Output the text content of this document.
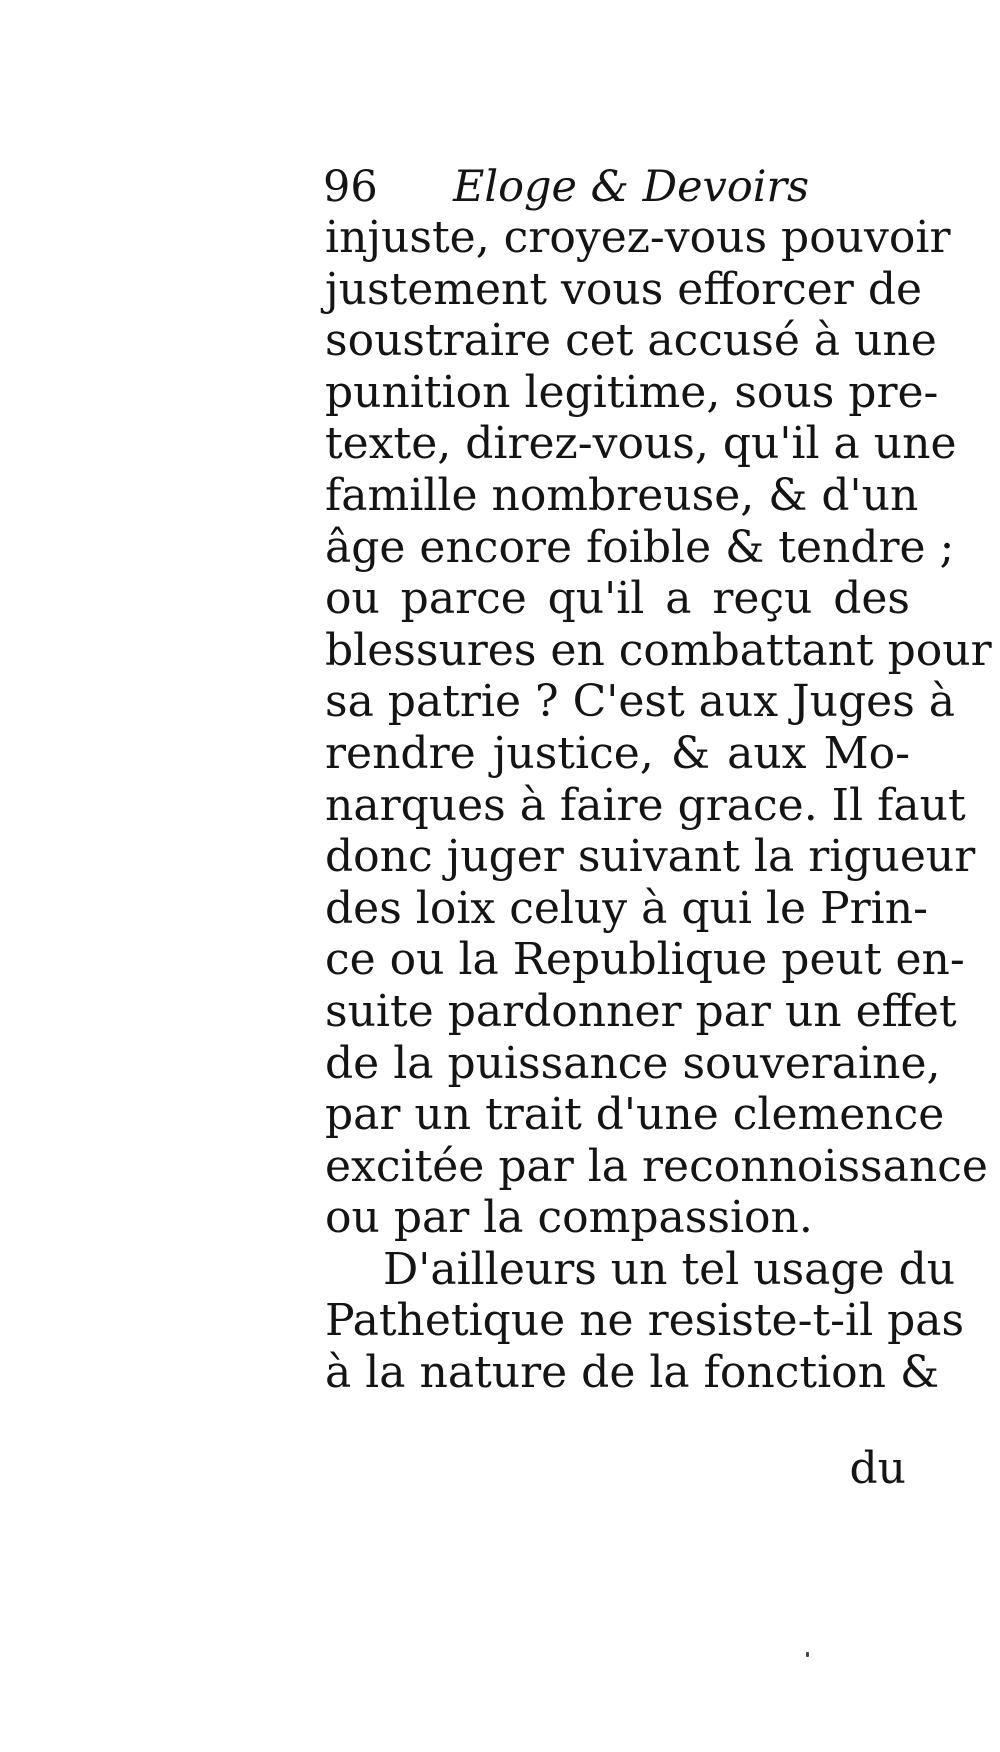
96 Eloge & Devoirs
injuste, croyez-vous pouvoir
justement vous efforcer de
soustraire cet accusé à une
punition legitime, sous pre-
texte, direz-vous, qu'il a une
famille nombreuse, & d'un
âge encore foible & tendre ;
ou parce qu'il a reçu des
blessures en combattant pour
sa patrie ? C'est aux Juges à
rendre justice, & aux Mo-
narques à faire grace. Il faut
donc juger suivant la rigueur
des loix celuy à qui le Prin-
ce ou la Republique peut en-
suite pardonner par un effet
de la puissance souveraine,
par un trait d'une clemence
excitée par la reconnoissance
ou par la compassion.
D'ailleurs un tel usage du
Pathetique ne resiste-t-il pas
à la nature de la fonction &
du
